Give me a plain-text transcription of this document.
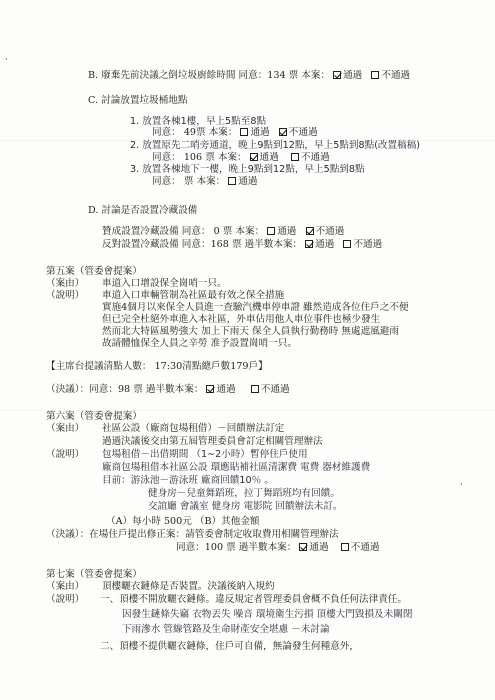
·
·
B. 廢棄先前決議之倒垃圾廚餘時間 同意：134 票 本案： 通過 不通過
C. 討論放置垃圾桶地點
1. 放置各棟1樓，早上5點至8點
同意： 49票 本案： 通過 不通過
2. 放置原先二哨旁通道，晚上9點到12點，早上5點到8點(改置稿稿)
同意： 106 票 本案： 通過 不通過
3. 放置各棟地下一樓，晚上9點到12點，早上5點到8點
同意： 票 本案： 通過
D. 討論是否設置冷藏設備
贊成設置冷藏設備 同意： 0 票 本案： 通過 不通過
反對設置冷藏設備 同意：168 票 過半數本案： 通過 不通過
第五案（管委會提案）
（案由） 車道入口增設保全崗哨一只。
（說明） 車道入口車輛管制為社區最有效之保全措施
實施4個月以來保全人員進一查驗汽機車停車證 雖然造成各位住戶之不便
但已完全杜絕外車進入本社區，外車佔用他人車位事件也極少發生
然而北大特區風勢強大 加上下雨天 保全人員執行勤務時 無處遮風避雨
故請體恤保全人員之辛勞 准予設置崗哨一只。
【主席台提議清點人數： 17:30清點總戶數179戶】
（決議）：同意：98 票 過半數本案： 通過	不通過
第六案（管委會提案）
（案由） 社區公設（廠商包場租借）－回饋辦法訂定
過過決議後交由第五屆管理委員會訂定相關管理辦法
（說明） 包場租借－出借期間 （1∼2小時）暫停住戶使用
廠商包場租借本社區公設 環應貼補社區清潔費 電費 器材維護費
目前：游泳池－游泳班 廠商回饋10％ 。
健身房－兒童舞蹈班，拉丁舞蹈班均有回饋。
交誼廳 會議室 健身房 電影院 回饋辦法未訂。
（A）每小時 500元 （B）其他金額
（決議）：在場住戶提出修正案：請管委會制定收取費用相關管理辦法
同意：100 票 過半數本案： 通過 不通過
第七案（管委會提案）
（案由） 頂樓曬衣鏈條是否裝置。決議後納入規約
（說明） 一、頂樓不開放曬衣鏈條。違反規定者管理委員會概不負任何法律責任。
因發生鏈條失竊 衣物丟失 噪音 環境衛生污損 頂樓大門毀損及未關閉
下雨滲水 管線管路及生命財產安全堪慮 －未討論
二、頂樓不提供曬衣鏈條，住戶可自備，無論發生何種意外，
